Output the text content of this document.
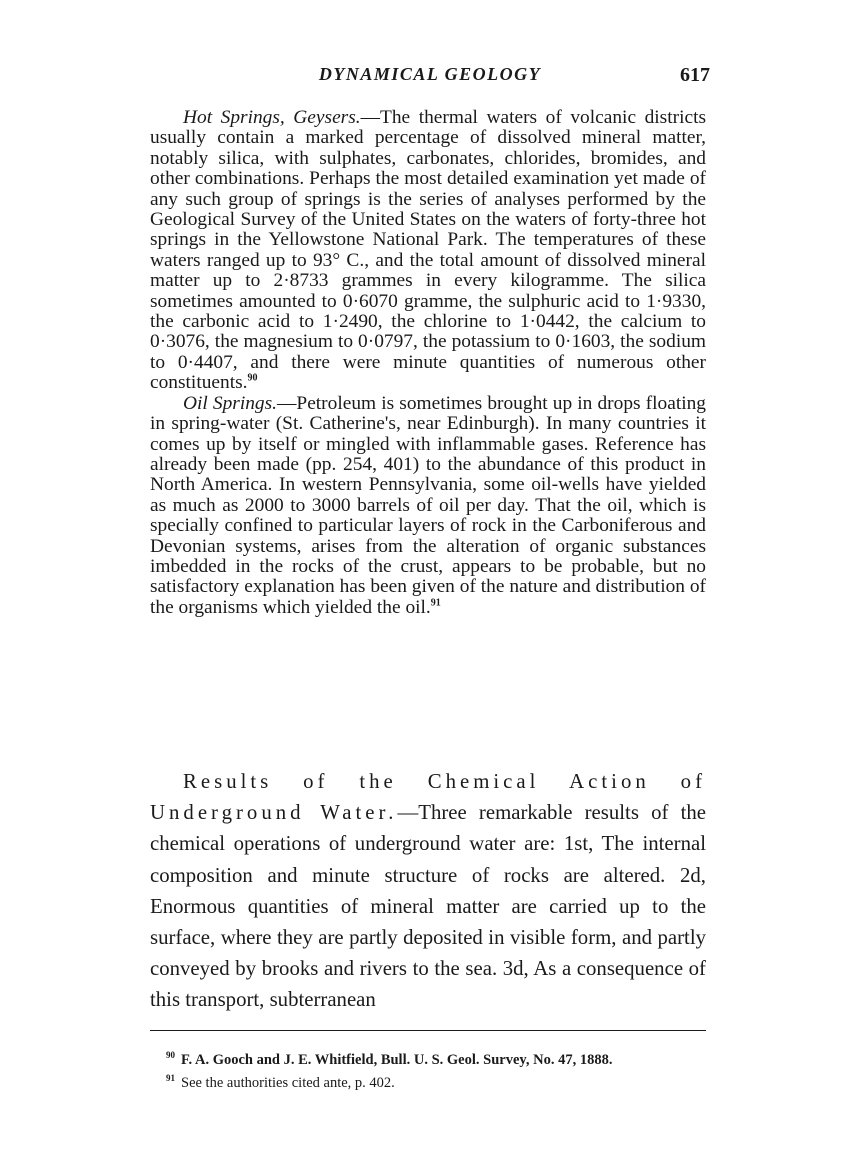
DYNAMICAL GEOLOGY	617

Hot Springs, Geysers.—The thermal waters of volcanic districts usually contain a marked percentage of dissolved mineral matter, notably silica, with sulphates, carbonates, chlorides, bromides, and other combinations. Perhaps the most detailed examination yet made of any such group of springs is the series of analyses performed by the Geological Survey of the United States on the waters of forty-three hot springs in the Yellowstone National Park. The temperatures of these waters ranged up to 93° C., and the total amount of dissolved mineral matter up to 2·8733 grammes in every kilogramme. The silica sometimes amounted to 0·6070 gramme, the sulphuric acid to 1·9330, the carbonic acid to 1·2490, the chlorine to 1·0442, the calcium to 0·3076, the magnesium to 0·0797, the potassium to 0·1603, the sodium to 0·4407, and there were minute quantities of numerous other constituents.$^{90}$

Oil Springs.—Petroleum is sometimes brought up in drops floating in spring-water (St. Catherine's, near Edinburgh). In many countries it comes up by itself or mingled with inflammable gases. Reference has already been made (pp. 254, 401) to the abundance of this product in North America. In western Pennsylvania, some oil-wells have yielded as much as 2000 to 3000 barrels of oil per day. That the oil, which is specially confined to particular layers of rock in the Carboniferous and Devonian systems, arises from the alteration of organic substances imbedded in the rocks of the crust, appears to be probable, but no satisfactory explanation has been given of the nature and distribution of the organisms which yielded the oil.$^{91}$

Results of the Chemical Action of Underground Water.—Three remarkable results of the chemical operations of underground water are: 1st, The internal composition and minute structure of rocks are altered. 2d, Enormous quantities of mineral matter are carried up to the surface, where they are partly deposited in visible form, and partly conveyed by brooks and rivers to the sea. 3d, As a consequence of this transport, subterranean

$^{90}$ F. A. Gooch and J. E. Whitfield, Bull. U. S. Geol. Survey, No. 47, 1888.

$^{91}$ See the authorities cited ante, p. 402.
